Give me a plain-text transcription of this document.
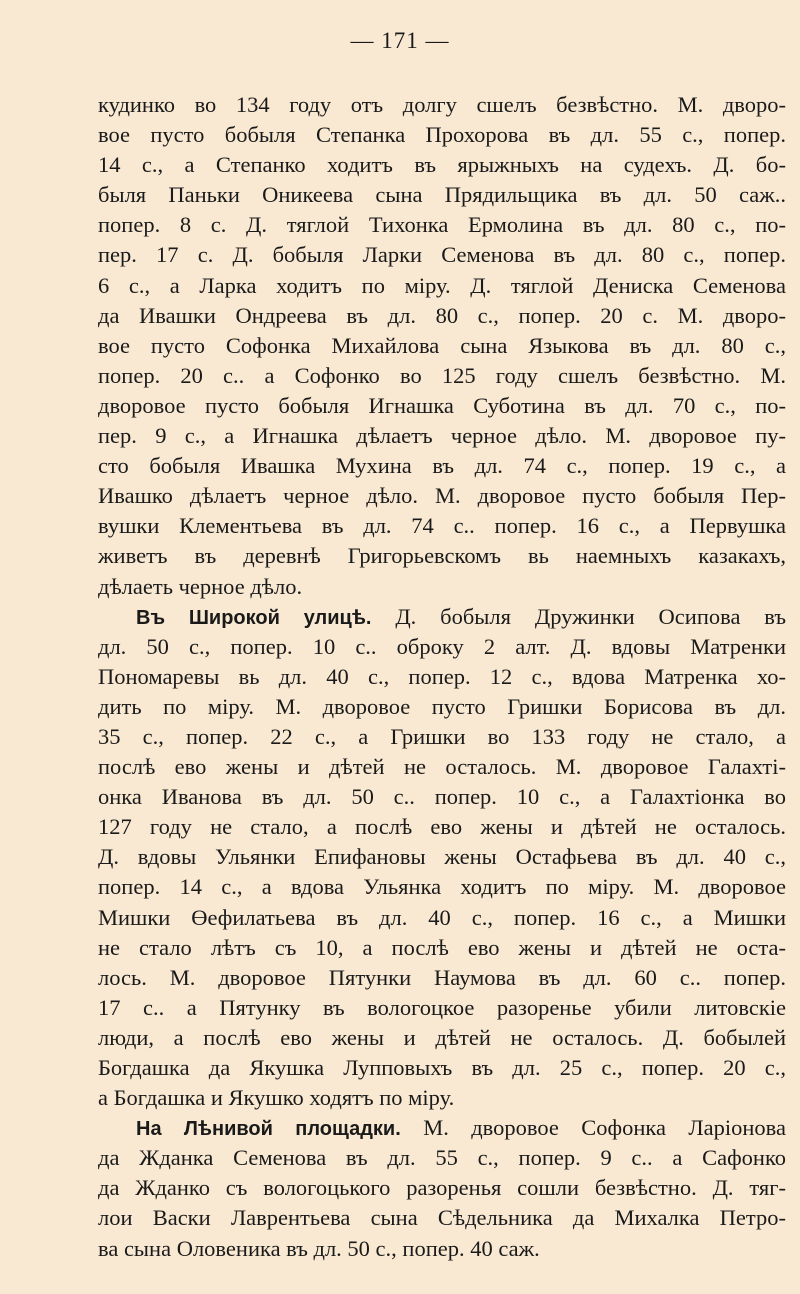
— 171 —
кудинко во 134 году отъ долгу сшелъ безвѣстно. М. дворо-
вое пусто бобыля Степанка Прохорова въ дл. 55 с., попер.
14 с., а Степанко ходитъ въ ярыжныхъ на судехъ. Д. бо-
быля Паньки Оникеева сына Прядильщика въ дл. 50 саж..
попер. 8 с. Д. тяглой Тихонка Ермолина въ дл. 80 с., по-
пер. 17 с. Д. бобыля Ларки Семенова въ дл. 80 с., попер.
6 с., а Ларка ходитъ по міру. Д. тяглой Дениска Семенова
да Ивашки Ондреева въ дл. 80 с., попер. 20 с. М. дворо-
вое пусто Софонка Михайлова сына Языкова въ дл. 80 с.,
попер. 20 с.. а Софонко во 125 году сшелъ безвѣстно. М.
дворовое пусто бобыля Игнашка Суботина въ дл. 70 с., по-
пер. 9 с., а Игнашка дѣлаетъ черное дѣло. М. дворовое пу-
сто бобыля Ивашка Мухина въ дл. 74 с., попер. 19 с., а
Ивашко дѣлаетъ черное дѣло. М. дворовое пусто бобыля Пер-
вушки Клементьева въ дл. 74 с.. попер. 16 с., а Первушка
живетъ въ деревнѣ Григорьевскомъ вь наемныхъ казакахъ,
дѣлаеть черное дѣло.
Въ Широкой улицѣ. Д. бобыля Дружинки Осипова въ
дл. 50 с., попер. 10 с.. оброку 2 алт. Д. вдовы Матренки
Пономаревы вь дл. 40 с., попер. 12 с., вдова Матренка хо-
дить по міру. М. дворовое пусто Гришки Борисова въ дл.
35 с., попер. 22 с., а Гришки во 133 году не стало, а
послѣ ево жены и дѣтей не осталось. М. дворовое Галахті-
онка Иванова въ дл. 50 с.. попер. 10 с., а Галахтіонка во
127 году не стало, а послѣ ево жены и дѣтей не осталось.
Д. вдовы Ульянки Епифановы жены Остафьева въ дл. 40 с.,
попер. 14 с., а вдова Ульянка ходитъ по міру. М. дворовое
Мишки Өефилатьева въ дл. 40 с., попер. 16 с., а Мишки
не стало лѣтъ съ 10, а послѣ ево жены и дѣтей не оста-
лось. М. дворовое Пятунки Наумова въ дл. 60 с.. попер.
17 с.. а Пятунку въ вологоцкое разоренье убили литовскіе
люди, а послѣ ево жены и дѣтей не осталось. Д. бобылей
Богдашка да Якушка Лупповыхъ въ дл. 25 с., попер. 20 с.,
а Богдашка и Якушко ходятъ по міру.
На Лѣнивой площадки. М. дворовое Софонка Ларіонова
да Жданка Семенова въ дл. 55 с., попер. 9 с.. а Сафонко
да Жданко съ вологоцького разоренья сошли безвѣстно. Д. тяг-
лои Васки Лаврентьева сына Сѣдельника да Михалка Петро-
ва сына Оловеника въ дл. 50 с., попер. 40 саж.
